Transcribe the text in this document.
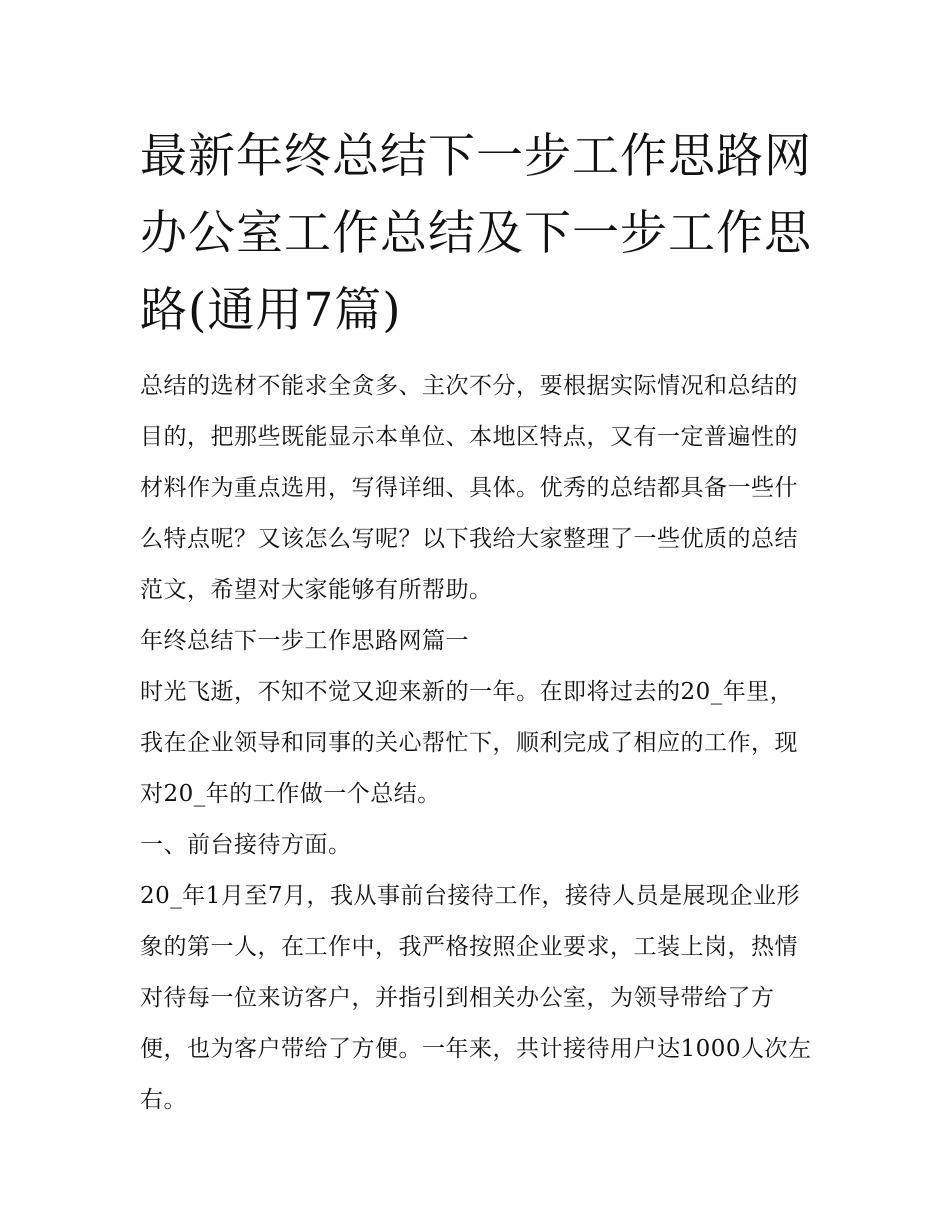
最新年终总结下一步工作思路网 办公室工作总结及下一步工作思路(通用7篇)

总结的选材不能求全贪多、主次不分，要根据实际情况和总结的目的，把那些既能显示本单位、本地区特点，又有一定普遍性的材料作为重点选用，写得详细、具体。优秀的总结都具备一些什么特点呢？又该怎么写呢？以下我给大家整理了一些优质的总结范文，希望对大家能够有所帮助。

年终总结下一步工作思路网篇一

时光飞逝，不知不觉又迎来新的一年。在即将过去的20_年里，我在企业领导和同事的关心帮忙下，顺利完成了相应的工作，现对20_年的工作做一个总结。

一、前台接待方面。

20_年1月至7月，我从事前台接待工作，接待人员是展现企业形象的第一人，在工作中，我严格按照企业要求，工装上岗，热情对待每一位来访客户，并指引到相关办公室，为领导带给了方便，也为客户带给了方便。一年来，共计接待用户达1000人次左右。
